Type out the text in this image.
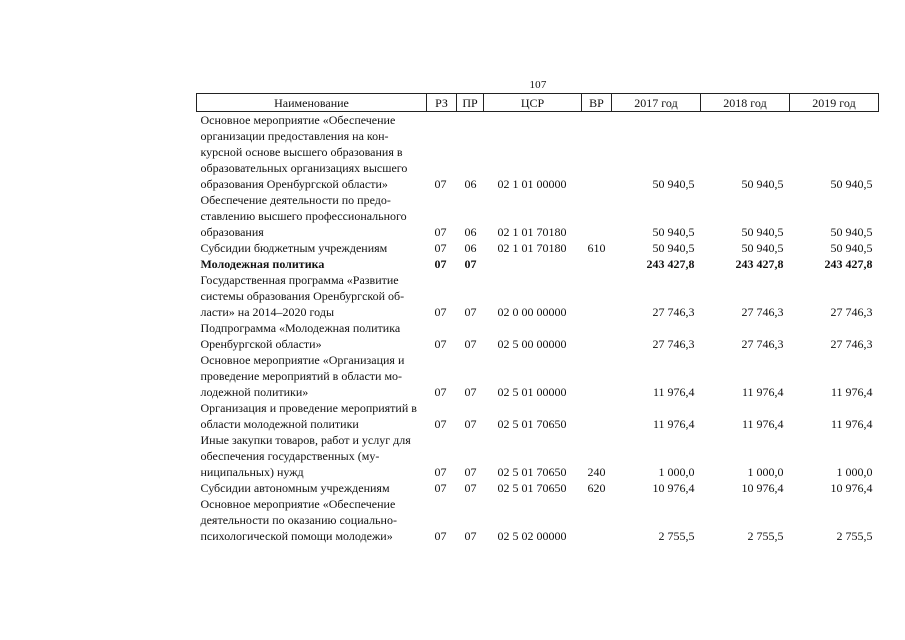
107
Наименование	РЗ	ПР	ЦСР	ВР	2017 год	2018 год	2019 год
Основное мероприятие «Обеспечение организации предоставления на кон-курсной основе высшего образования в образовательных организациях высшего образования Оренбургской области»	07	06	02 1 01 00000		50 940,5	50 940,5	50 940,5
Обеспечение деятельности по предо-ставлению высшего профессионального образования	07	06	02 1 01 70180		50 940,5	50 940,5	50 940,5
Субсидии бюджетным учреждениям	07	06	02 1 01 70180	610	50 940,5	50 940,5	50 940,5
Молодежная политика	07	07			243 427,8	243 427,8	243 427,8
Государственная программа «Развитие системы образования Оренбургской об-ласти» на 2014–2020 годы	07	07	02 0 00 00000		27 746,3	27 746,3	27 746,3
Подпрограмма «Молодежная политика Оренбургской области»	07	07	02 5 00 00000		27 746,3	27 746,3	27 746,3
Основное мероприятие «Организация и проведение мероприятий в области мо-лодежной политики»	07	07	02 5 01 00000		11 976,4	11 976,4	11 976,4
Организация и проведение мероприятий в области молодежной политики	07	07	02 5 01 70650		11 976,4	11 976,4	11 976,4
Иные закупки товаров, работ и услуг для обеспечения государственных (му-ниципальных) нужд	07	07	02 5 01 70650	240	1 000,0	1 000,0	1 000,0
Субсидии автономным учреждениям	07	07	02 5 01 70650	620	10 976,4	10 976,4	10 976,4
Основное мероприятие «Обеспечение деятельности по оказанию социально-психологической помощи молодежи»	07	07	02 5 02 00000		2 755,5	2 755,5	2 755,5
